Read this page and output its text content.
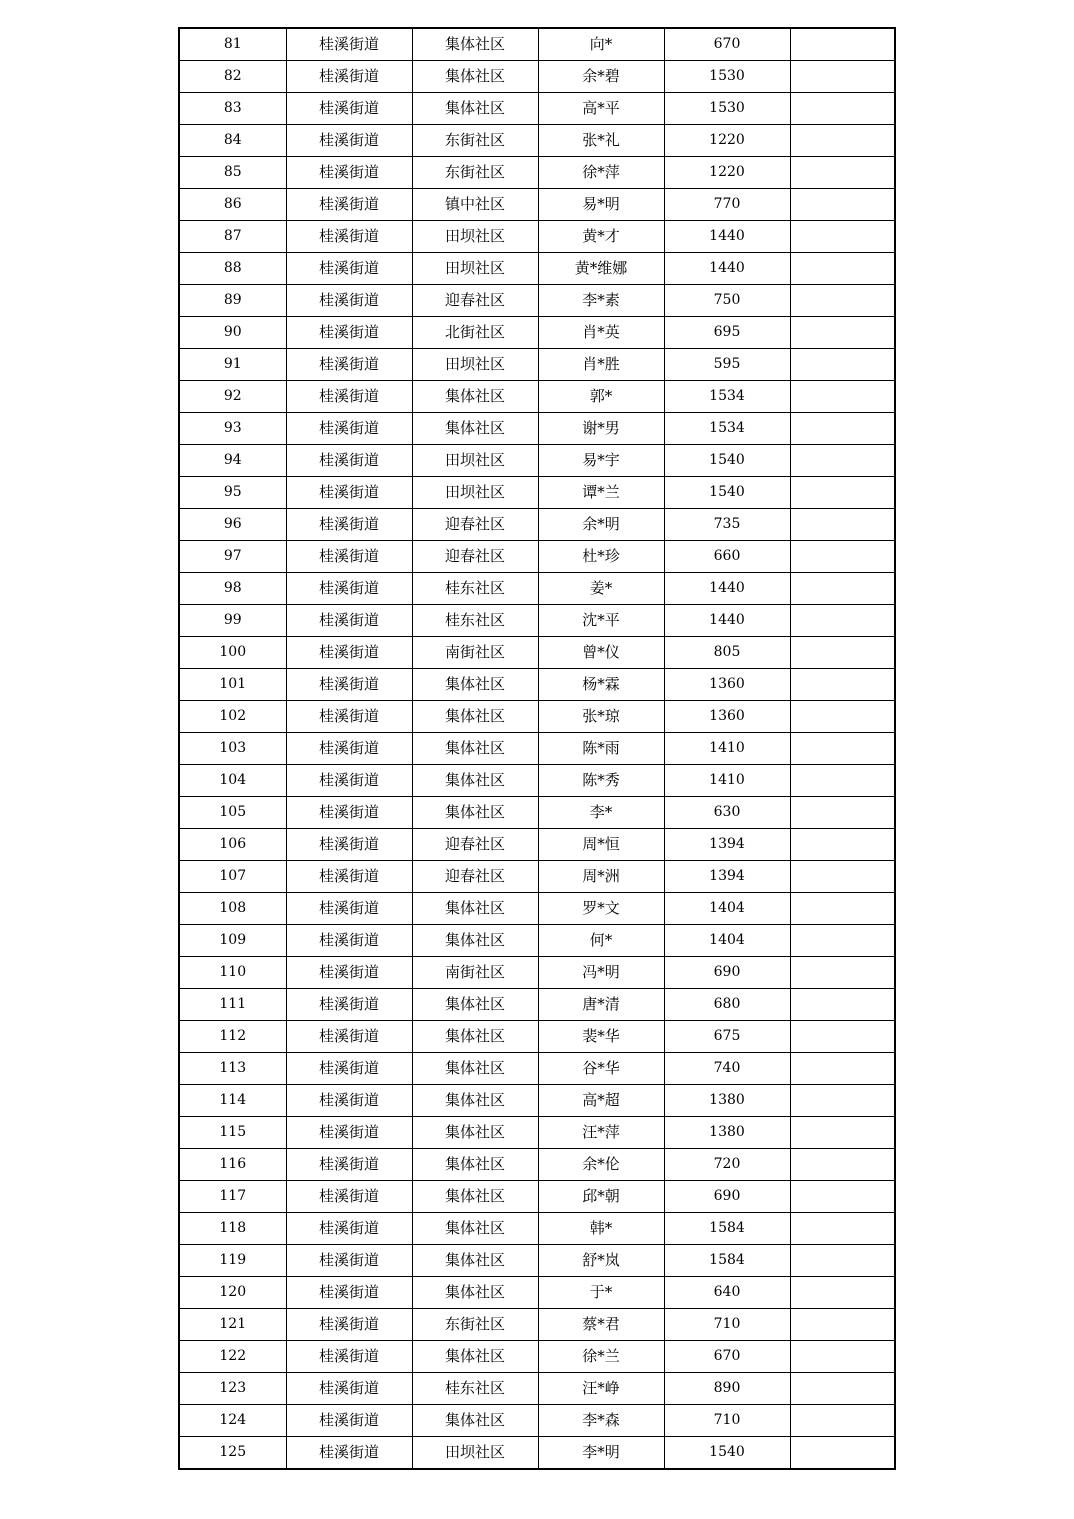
81	桂溪街道	集体社区	向*	670	
82	桂溪街道	集体社区	余*碧	1530	
83	桂溪街道	集体社区	高*平	1530	
84	桂溪街道	东街社区	张*礼	1220	
85	桂溪街道	东街社区	徐*萍	1220	
86	桂溪街道	镇中社区	易*明	770	
87	桂溪街道	田坝社区	黄*才	1440	
88	桂溪街道	田坝社区	黄*维娜	1440	
89	桂溪街道	迎春社区	李*素	750	
90	桂溪街道	北街社区	肖*英	695	
91	桂溪街道	田坝社区	肖*胜	595	
92	桂溪街道	集体社区	郭*	1534	
93	桂溪街道	集体社区	谢*男	1534	
94	桂溪街道	田坝社区	易*宇	1540	
95	桂溪街道	田坝社区	谭*兰	1540	
96	桂溪街道	迎春社区	余*明	735	
97	桂溪街道	迎春社区	杜*珍	660	
98	桂溪街道	桂东社区	姜*	1440	
99	桂溪街道	桂东社区	沈*平	1440	
100	桂溪街道	南街社区	曾*仪	805	
101	桂溪街道	集体社区	杨*霖	1360	
102	桂溪街道	集体社区	张*琼	1360	
103	桂溪街道	集体社区	陈*雨	1410	
104	桂溪街道	集体社区	陈*秀	1410	
105	桂溪街道	集体社区	李*	630	
106	桂溪街道	迎春社区	周*恒	1394	
107	桂溪街道	迎春社区	周*洲	1394	
108	桂溪街道	集体社区	罗*文	1404	
109	桂溪街道	集体社区	何*	1404	
110	桂溪街道	南街社区	冯*明	690	
111	桂溪街道	集体社区	唐*清	680	
112	桂溪街道	集体社区	裴*华	675	
113	桂溪街道	集体社区	谷*华	740	
114	桂溪街道	集体社区	高*超	1380	
115	桂溪街道	集体社区	汪*萍	1380	
116	桂溪街道	集体社区	余*伦	720	
117	桂溪街道	集体社区	邱*朝	690	
118	桂溪街道	集体社区	韩*	1584	
119	桂溪街道	集体社区	舒*岚	1584	
120	桂溪街道	集体社区	于*	640	
121	桂溪街道	东街社区	蔡*君	710	
122	桂溪街道	集体社区	徐*兰	670	
123	桂溪街道	桂东社区	汪*峥	890	
124	桂溪街道	集体社区	李*森	710	
125	桂溪街道	田坝社区	李*明	1540	
